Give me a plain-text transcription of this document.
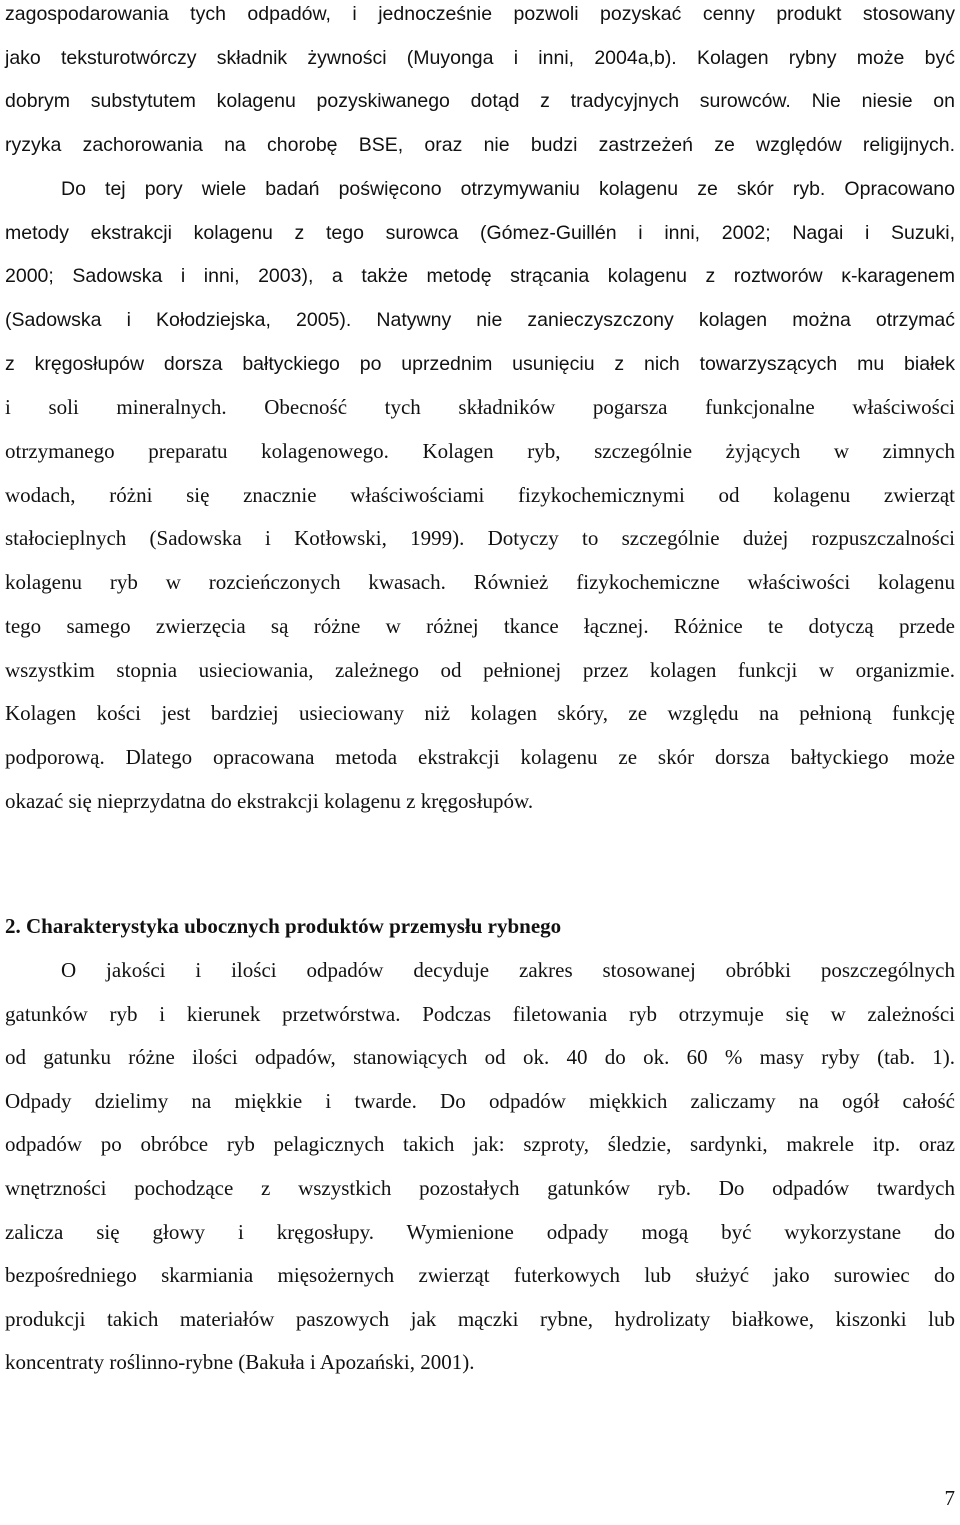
zagospodarowania tych odpadów, i jednocześnie pozwoli pozyskać cenny produkt stosowany
jako teksturotwórczy składnik żywności (Muyonga i inni, 2004a,b). Kolagen rybny może być
dobrym substytutem kolagenu pozyskiwanego dotąd z tradycyjnych surowców. Nie niesie on
ryzyka zachorowania na chorobę BSE, oraz nie budzi zastrzeżeń ze względów religijnych.
Do tej pory wiele badań poświęcono otrzymywaniu kolagenu ze skór ryb. Opracowano
metody ekstrakcji kolagenu z tego surowca (Gómez-Guillén i inni, 2002; Nagai i Suzuki,
2000; Sadowska i inni, 2003), a także metodę strącania kolagenu z roztworów κ-karagenem
(Sadowska i Kołodziejska, 2005). Natywny nie zanieczyszczony kolagen można otrzymać
z kręgosłupów dorsza bałtyckiego po uprzednim usunięciu z nich towarzyszących mu białek
i soli mineralnych. Obecność tych składników pogarsza funkcjonalne właściwości
otrzymanego preparatu kolagenowego. Kolagen ryb, szczególnie żyjących w zimnych
wodach, różni się znacznie właściwościami fizykochemicznymi od kolagenu zwierząt
stałocieplnych (Sadowska i Kotłowski, 1999). Dotyczy to szczególnie dużej rozpuszczalności
kolagenu ryb w rozcieńczonych kwasach. Również fizykochemiczne właściwości kolagenu
tego samego zwierzęcia są różne w różnej tkance łącznej. Różnice te dotyczą przede
wszystkim stopnia usieciowania, zależnego od pełnionej przez kolagen funkcji w organizmie.
Kolagen kości jest bardziej usieciowany niż kolagen skóry, ze względu na pełnioną funkcję
podporową. Dlatego opracowana metoda ekstrakcji kolagenu ze skór dorsza bałtyckiego może
okazać się nieprzydatna do ekstrakcji kolagenu z kręgosłupów.
2. Charakterystyka ubocznych produktów przemysłu rybnego
O jakości i ilości odpadów decyduje zakres stosowanej obróbki poszczególnych
gatunków ryb i kierunek przetwórstwa. Podczas filetowania ryb otrzymuje się w zależności
od gatunku różne ilości odpadów, stanowiących od ok. 40 do ok. 60 % masy ryby (tab. 1).
Odpady dzielimy na miękkie i twarde. Do odpadów miękkich zaliczamy na ogół całość
odpadów po obróbce ryb pelagicznych takich jak: szproty, śledzie, sardynki, makrele itp. oraz
wnętrzności pochodzące z wszystkich pozostałych gatunków ryb. Do odpadów twardych
zalicza się głowy i kręgosłupy. Wymienione odpady mogą być wykorzystane do
bezpośredniego skarmiania mięsożernych zwierząt futerkowych lub służyć jako surowiec do
produkcji takich materiałów paszowych jak mączki rybne, hydrolizaty białkowe, kiszonki lub
koncentraty roślinno-rybne (Bakuła i Apozański, 2001).
7
